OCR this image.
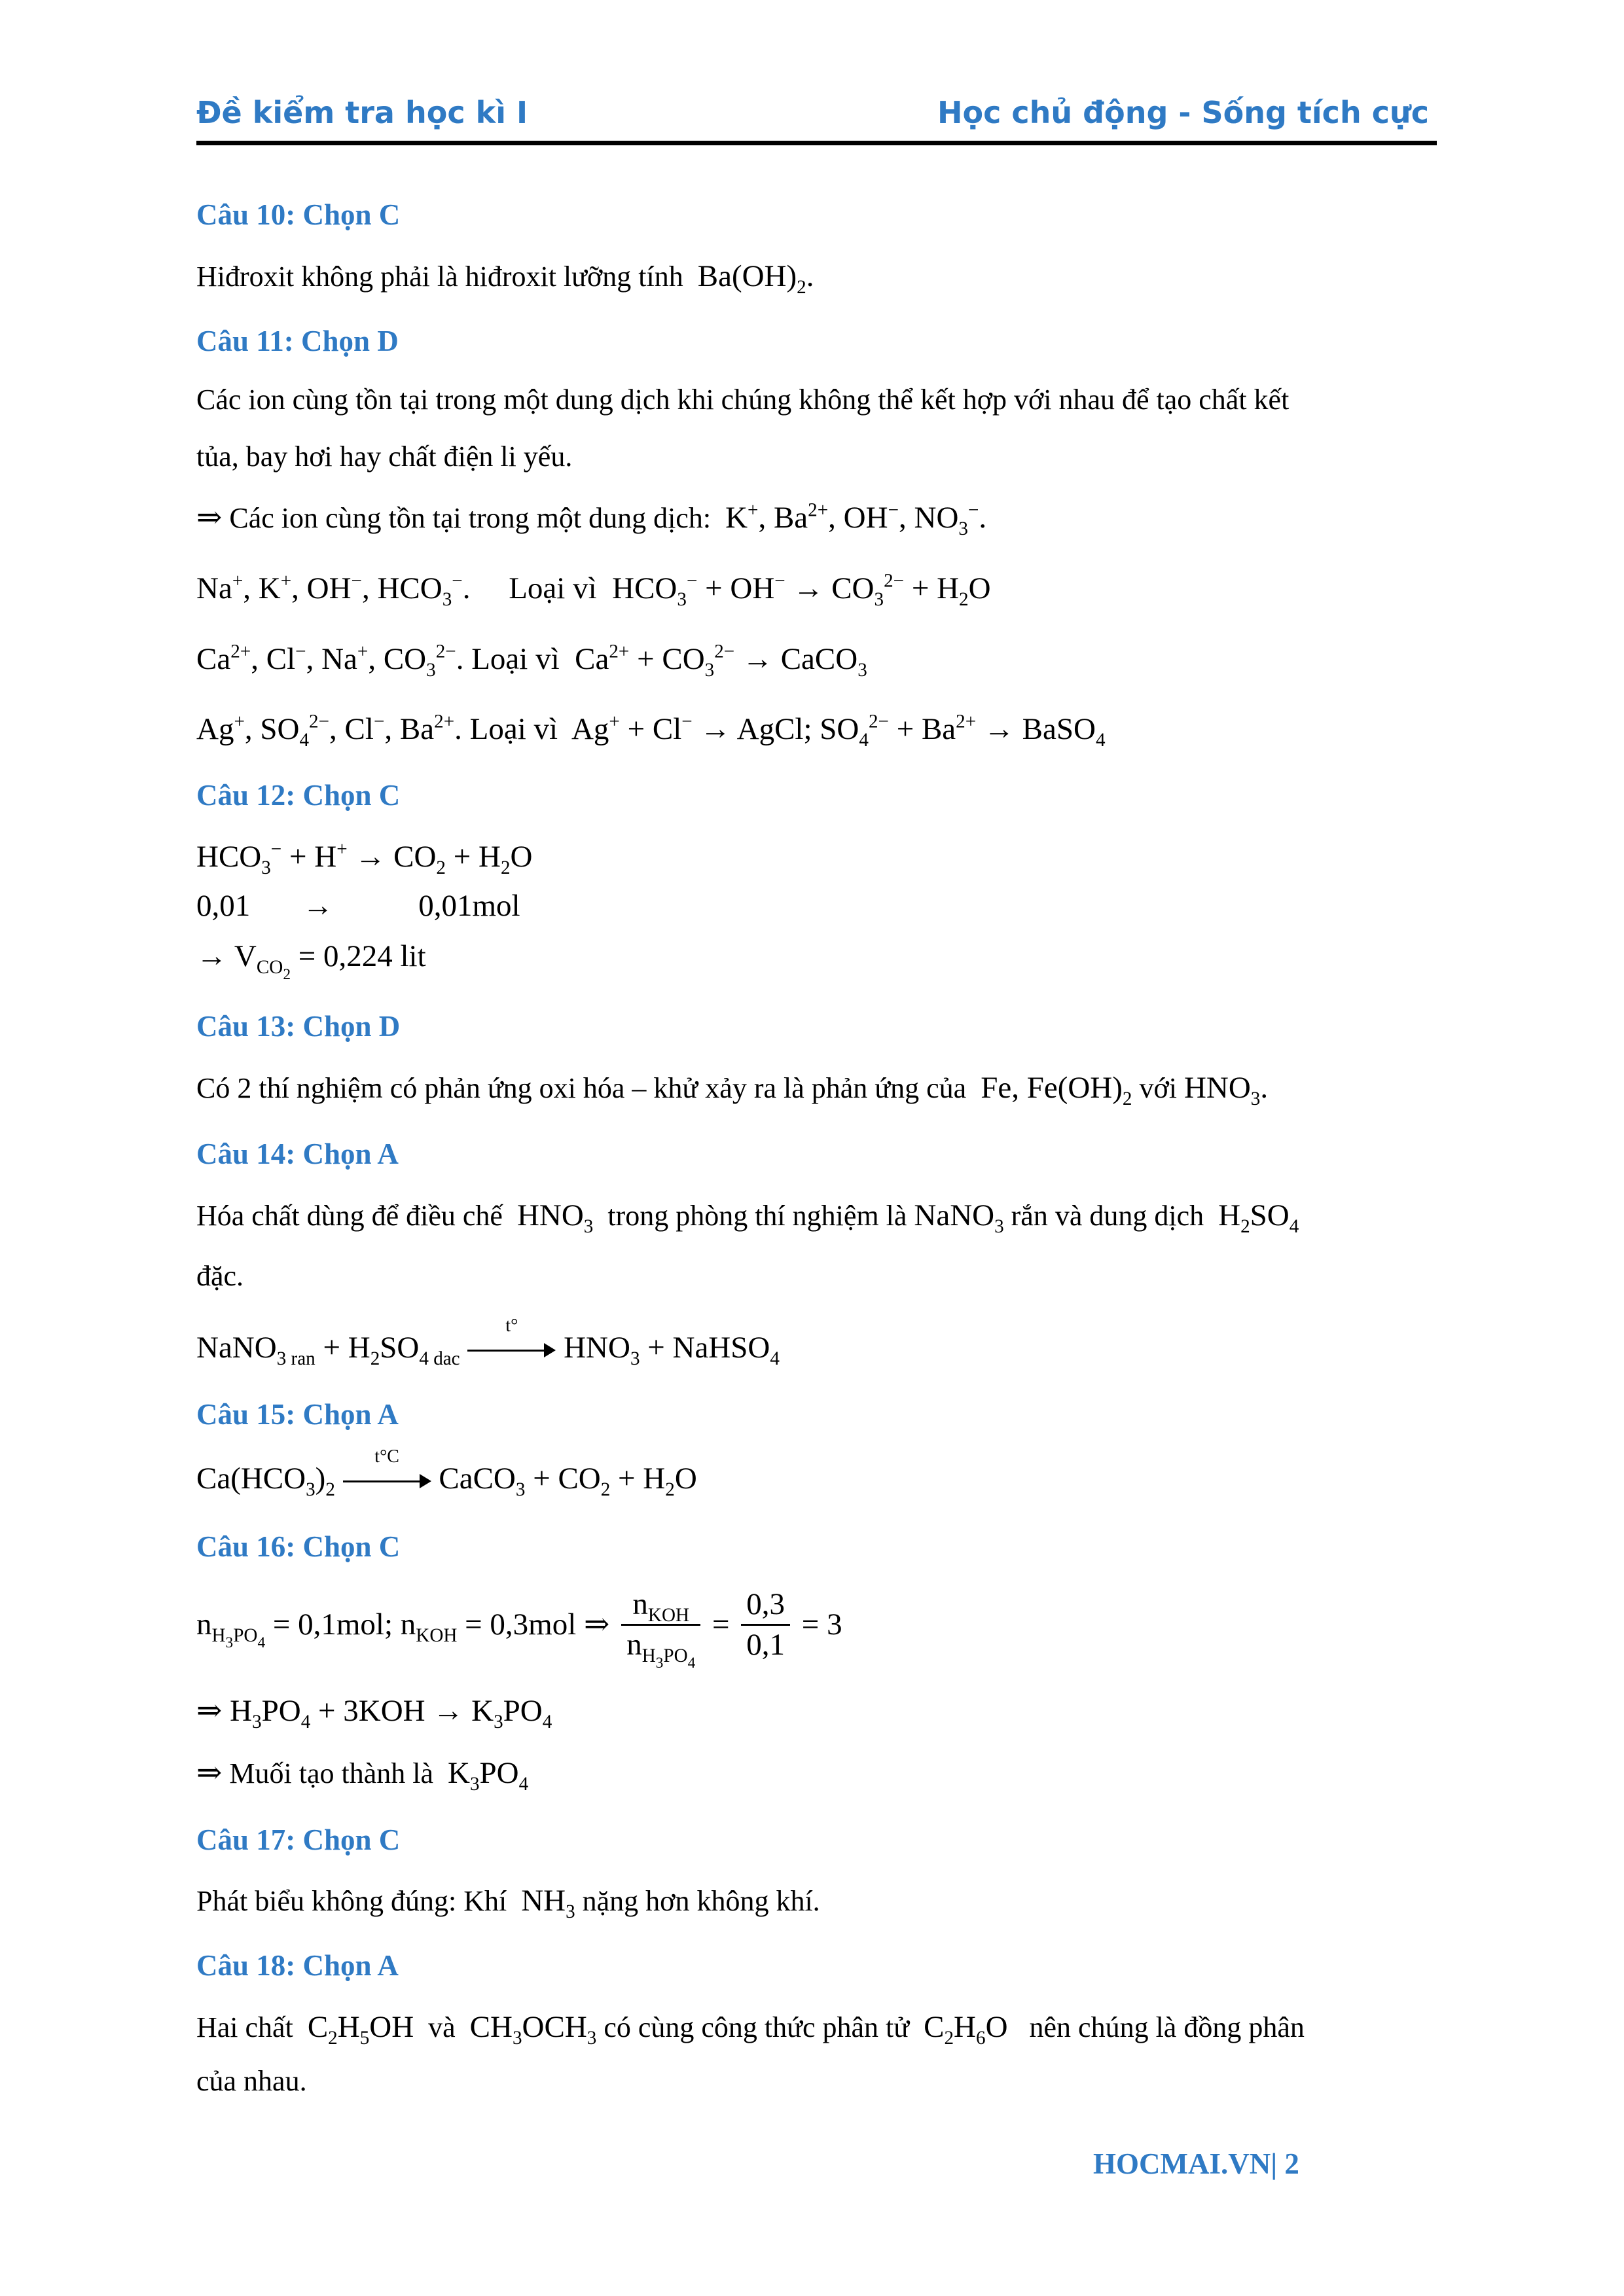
Đề kiểm tra học kì I	Học chủ động - Sống tích cực
Câu 10: Chọn C
Hiđroxit không phải là hiđroxit lưỡng tính $Ba(OH)_2$.
Câu 11: Chọn D
Các ion cùng tồn tại trong một dung dịch khi chúng không thể kết hợp với nhau để tạo chất kết
tủa, bay hơi hay chất điện li yếu.
⇒ Các ion cùng tồn tại trong một dung dịch: K+, $Ba^{2+}$, OH−, $NO_3^-$.
Na+, K+, OH−, $HCO_3^-$.     Loại vì  $HCO_3^- + OH^- \to CO_3^{2-} + H_2O$
$Ca^{2+}$, Cl−, Na+, $CO_3^{2-}$. Loại vì  $Ca^{2+} + CO_3^{2-}$ → CaCO$_3$
Ag+, $SO_4^{2-}$, Cl−, $Ba^{2+}$. Loại vì  Ag+ + Cl− → AgCl; $SO_4^{2-} + Ba^{2+}$ → BaSO$_4$
Câu 12: Chọn C
$HCO_3^- + H^+ \to CO_2 + H_2O$
0,01 →	0,01mol
→ $V_{CO_2} = 0,224$ lit
Câu 13: Chọn D
Có 2 thí nghiệm có phản ứng oxi hóa – khử xảy ra là phản ứng của Fe, $Fe(OH)_2$ với $HNO_3$.
Câu 14: Chọn A
Hóa chất dùng để điều chế $HNO_3$ trong phòng thí nghiệm là NaNO$_3$ rắn và dung dịch $H_2SO_4$
đặc.
NaNO$_{3 ran}$ + $H_2SO_{4 dac}$
t°
$HNO_3$ + NaHSO$_4$
Câu 15: Chọn A
$Ca(HCO_3)_2$
t°C
CaCO$_3$ + $CO_2 + H_2O$
Câu 16: Chọn C
$n_{H_3PO_4} = 0,1mol$; $n_{KOH} = 0,3mol$ ⇒ $\frac{n_{KOH}}{n_{H_3PO_4}} = \frac{0,3}{0,1} = 3$
⇒ $H_3PO_4 + 3KOH \to K_3PO_4$
⇒ Muối tạo thành là $K_3PO_4$
Câu 17: Chọn C
Phát biểu không đúng: Khí $NH_3$ nặng hơn không khí.
Câu 18: Chọn A
Hai chất $C_2H_5OH$ và $CH_3OCH_3$ có cùng công thức phân tử $C_2H_6O$ nên chúng là đồng phân
của nhau.
HOCMAI.VN| 2
